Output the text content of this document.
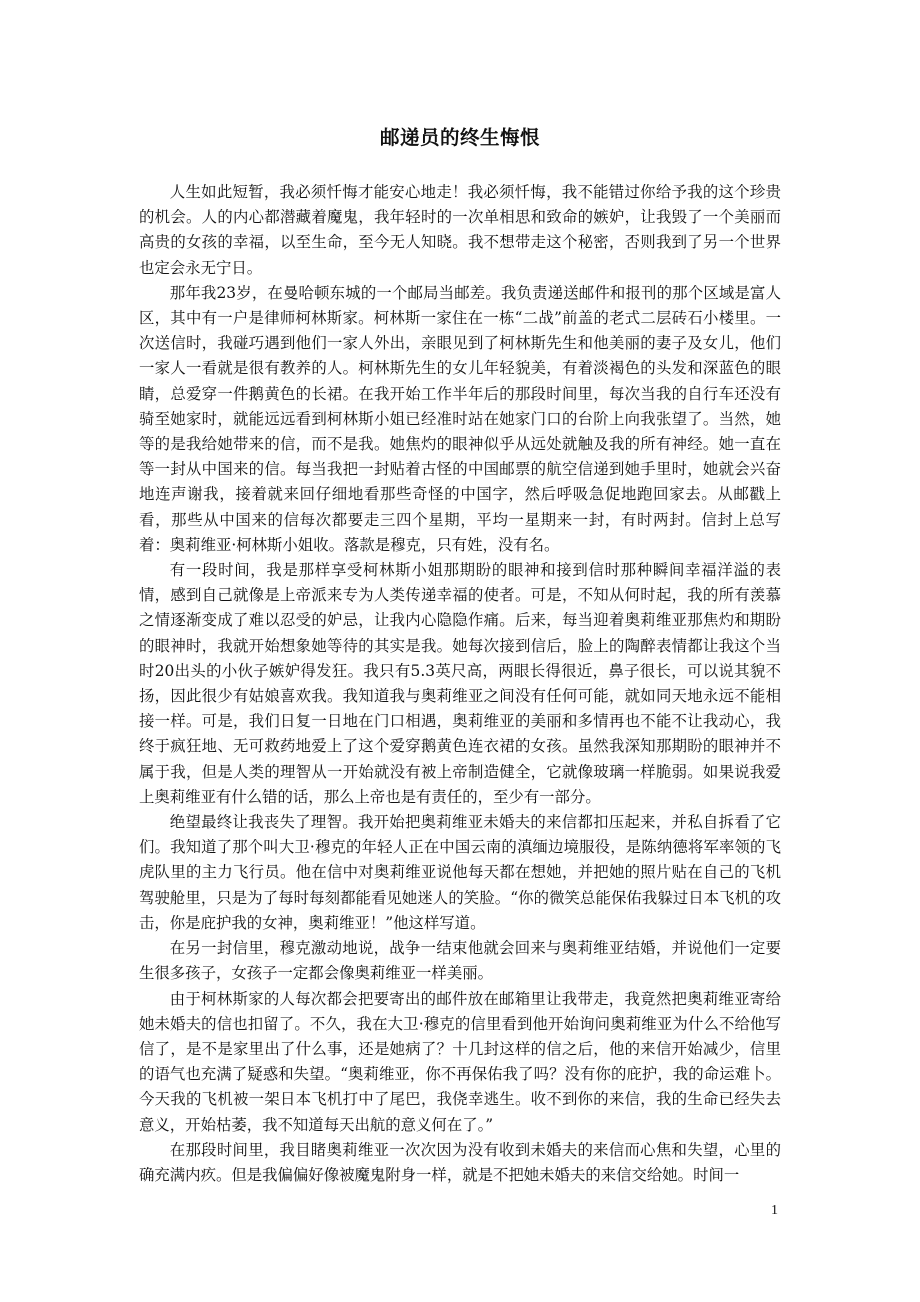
邮递员的终生悔恨

人生如此短暂，我必须忏悔才能安心地走！我必须忏悔，我不能错过你给予我的这个珍贵的机会。人的内心都潜藏着魔鬼，我年轻时的一次单相思和致命的嫉妒，让我毁了一个美丽而高贵的女孩的幸福，以至生命，至今无人知晓。我不想带走这个秘密，否则我到了另一个世界也定会永无宁日。

那年我23岁，在曼哈顿东城的一个邮局当邮差。我负责递送邮件和报刊的那个区域是富人区，其中有一户是律师柯林斯家。柯林斯一家住在一栋“二战”前盖的老式二层砖石小楼里。一次送信时，我碰巧遇到他们一家人外出，亲眼见到了柯林斯先生和他美丽的妻子及女儿，他们一家人一看就是很有教养的人。柯林斯先生的女儿年轻貌美，有着淡褐色的头发和深蓝色的眼睛，总爱穿一件鹅黄色的长裙。在我开始工作半年后的那段时间里，每次当我的自行车还没有骑至她家时，就能远远看到柯林斯小姐已经准时站在她家门口的台阶上向我张望了。当然，她等的是我给她带来的信，而不是我。她焦灼的眼神似乎从远处就触及我的所有神经。她一直在等一封从中国来的信。每当我把一封贴着古怪的中国邮票的航空信递到她手里时，她就会兴奋地连声谢我，接着就来回仔细地看那些奇怪的中国字，然后呼吸急促地跑回家去。从邮戳上看，那些从中国来的信每次都要走三四个星期，平均一星期来一封，有时两封。信封上总写着：奥莉维亚·柯林斯小姐收。落款是穆克，只有姓，没有名。

有一段时间，我是那样享受柯林斯小姐那期盼的眼神和接到信时那种瞬间幸福洋溢的表情，感到自己就像是上帝派来专为人类传递幸福的使者。可是，不知从何时起，我的所有羡慕之情逐渐变成了难以忍受的妒忌，让我内心隐隐作痛。后来，每当迎着奥莉维亚那焦灼和期盼的眼神时，我就开始想象她等待的其实是我。她每次接到信后，脸上的陶醉表情都让我这个当时20出头的小伙子嫉妒得发狂。我只有5.3英尺高，两眼长得很近，鼻子很长，可以说其貌不扬，因此很少有姑娘喜欢我。我知道我与奥莉维亚之间没有任何可能，就如同天地永远不能相接一样。可是，我们日复一日地在门口相遇，奥莉维亚的美丽和多情再也不能不让我动心，我终于疯狂地、无可救药地爱上了这个爱穿鹅黄色连衣裙的女孩。虽然我深知那期盼的眼神并不属于我，但是人类的理智从一开始就没有被上帝制造健全，它就像玻璃一样脆弱。如果说我爱上奥莉维亚有什么错的话，那么上帝也是有责任的，至少有一部分。

绝望最终让我丧失了理智。我开始把奥莉维亚未婚夫的来信都扣压起来，并私自拆看了它们。我知道了那个叫大卫·穆克的年轻人正在中国云南的滇缅边境服役，是陈纳德将军率领的飞虎队里的主力飞行员。他在信中对奥莉维亚说他每天都在想她，并把她的照片贴在自己的飞机驾驶舱里，只是为了每时每刻都能看见她迷人的笑脸。“你的微笑总能保佑我躲过日本飞机的攻击，你是庇护我的女神，奥莉维亚！”他这样写道。

在另一封信里，穆克激动地说，战争一结束他就会回来与奥莉维亚结婚，并说他们一定要生很多孩子，女孩子一定都会像奥莉维亚一样美丽。

由于柯林斯家的人每次都会把要寄出的邮件放在邮箱里让我带走，我竟然把奥莉维亚寄给她未婚夫的信也扣留了。不久，我在大卫·穆克的信里看到他开始询问奥莉维亚为什么不给他写信了，是不是家里出了什么事，还是她病了？十几封这样的信之后，他的来信开始减少，信里的语气也充满了疑惑和失望。“奥莉维亚，你不再保佑我了吗？没有你的庇护，我的命运难卜。今天我的飞机被一架日本飞机打中了尾巴，我侥幸逃生。收不到你的来信，我的生命已经失去意义，开始枯萎，我不知道每天出航的意义何在了。”

在那段时间里，我目睹奥莉维亚一次次因为没有收到未婚夫的来信而心焦和失望，心里的确充满内疚。但是我偏偏好像被魔鬼附身一样，就是不把她未婚夫的来信交给她。时间一

1
